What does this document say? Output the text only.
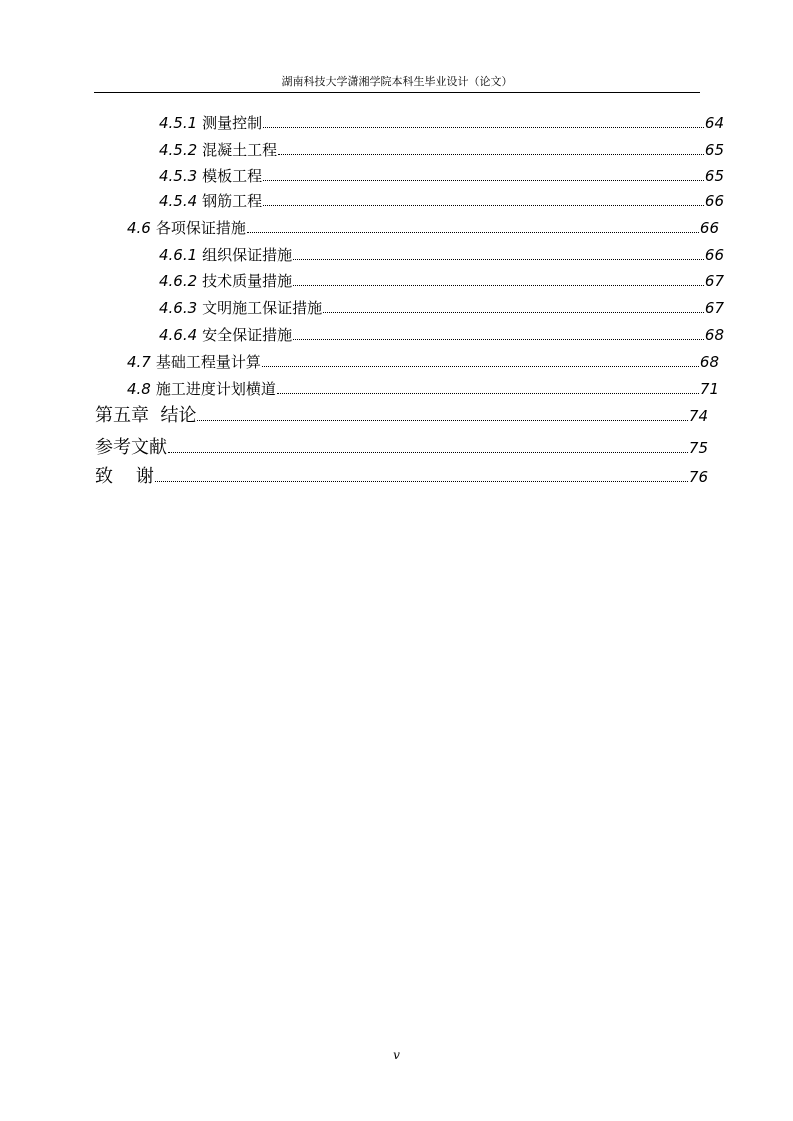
湖南科技大学潇湘学院本科生毕业设计（论文）
4.5.1 测量控制	64
4.5.2 混凝土工程	65
4.5.3 模板工程	65
4.5.4 钢筋工程	66
4.6 各项保证措施	66
4.6.1 组织保证措施	66
4.6.2 技术质量措施	67
4.6.3 文明施工保证措施	67
4.6.4 安全保证措施	68
4.7 基础工程量计算	68
4.8 施工进度计划横道	71
第五章  结论	74
参考文献	75
致    谢	76
v
